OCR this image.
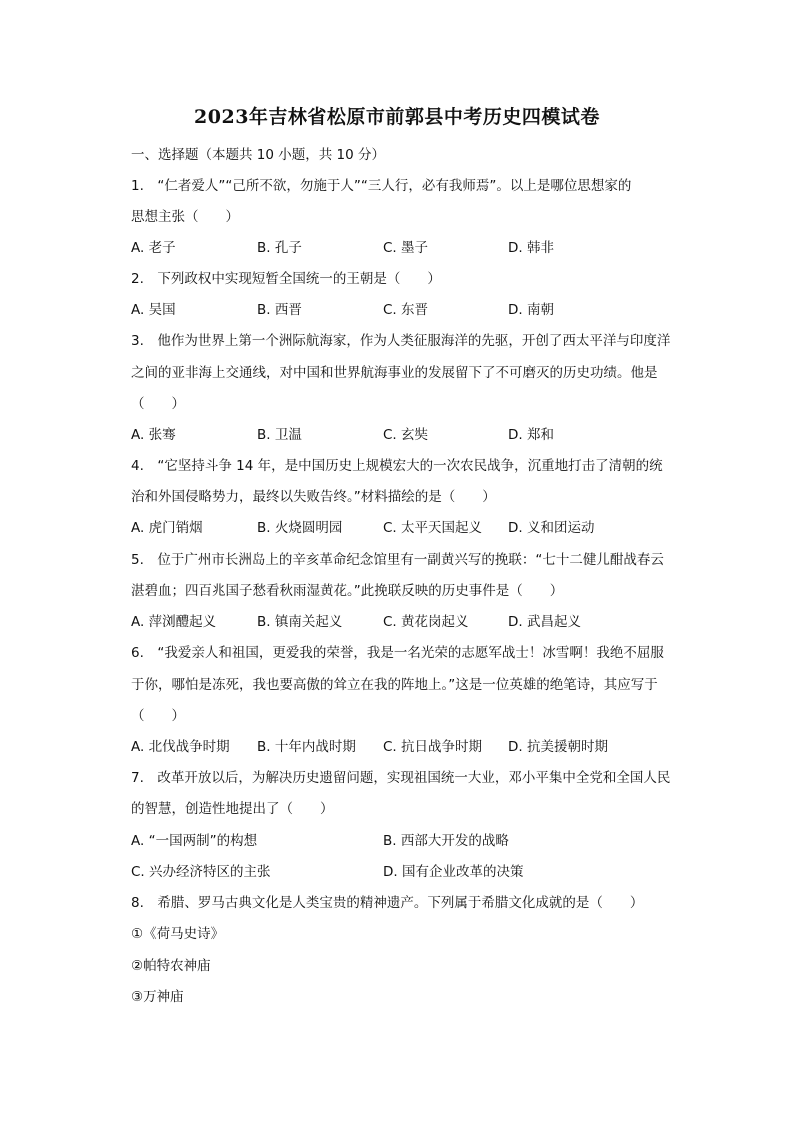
2023年吉林省松原市前郭县中考历史四模试卷
一、选择题（本题共 10 小题，共 10 分）
1.　“仁者爱人”“己所不欲，勿施于人”“三人行，必有我师焉”。以上是哪位思想家的
思想主张（　　）
A. 老子	B. 孔子	C. 墨子	D. 韩非
2.　下列政权中实现短暂全国统一的王朝是（　　）
A. 吴国	B. 西晋	C. 东晋	D. 南朝
3.　他作为世界上第一个洲际航海家，作为人类征服海洋的先驱，开创了西太平洋与印度洋
之间的亚非海上交通线，对中国和世界航海事业的发展留下了不可磨灭的历史功绩。他是
（　　）
A. 张骞	B. 卫温	C. 玄奘	D. 郑和
4.　“它坚持斗争 14 年，是中国历史上规模宏大的一次农民战争，沉重地打击了清朝的统
治和外国侵略势力，最终以失败告终。”材料描绘的是（　　）
A. 虎门销烟	B. 火烧圆明园	C. 太平天国起义 D. 义和团运动
5.　位于广州市长洲岛上的辛亥革命纪念馆里有一副黄兴写的挽联：“七十二健儿酣战春云
湛碧血；四百兆国子愁看秋雨湿黄花。”此挽联反映的历史事件是（　　）
A. 萍浏醴起义	B. 镇南关起义	C. 黄花岗起义	D. 武昌起义
6.　“我爱亲人和祖国，更爱我的荣誉，我是一名光荣的志愿军战士！冰雪啊！我绝不屈服
于你，哪怕是冻死，我也要高傲的耸立在我的阵地上。”这是一位英雄的绝笔诗，其应写于
（　　）
A. 北伐战争时期 B. 十年内战时期 C. 抗日战争时期 D. 抗美援朝时期
7.　改革开放以后，为解决历史遗留问题，实现祖国统一大业，邓小平集中全党和全国人民
的智慧，创造性地提出了（　　）
A. “一国两制”的构想	B. 西部大开发的战略
C. 兴办经济特区的主张	D. 国有企业改革的决策
8.　希腊、罗马古典文化是人类宝贵的精神遗产。下列属于希腊文化成就的是（　　）
①《荷马史诗》
②帕特农神庙
③万神庙
